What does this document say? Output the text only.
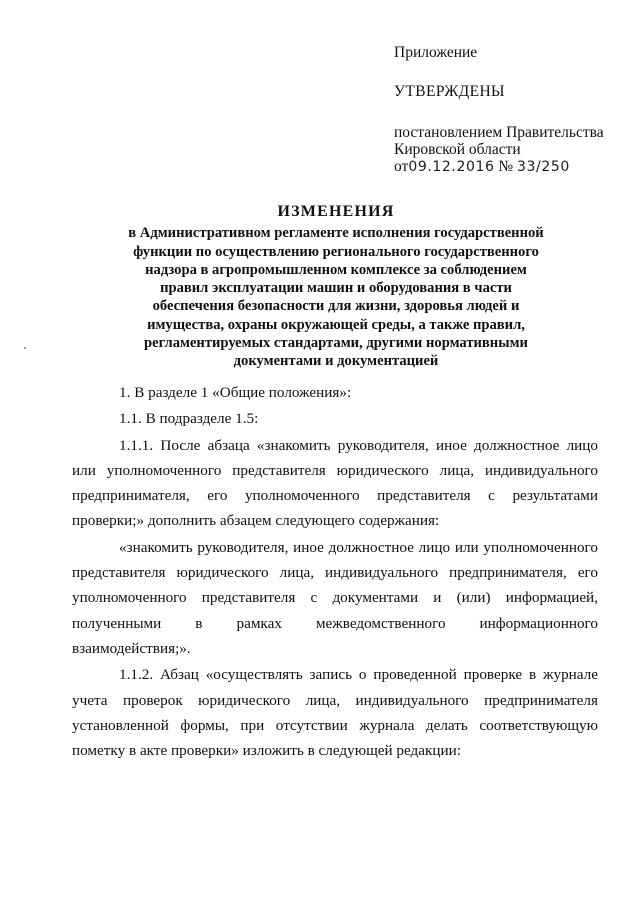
Приложение

УТВЕРЖДЕНЫ

постановлением Правительства
Кировской области
от09.12.2016 № 33/250

ИЗМЕНЕНИЯ
в Административном регламенте исполнения государственной
функции по осуществлению регионального государственного
надзора в агропромышленном комплексе за соблюдением
правил эксплуатации машин и оборудования в части
обеспечения безопасности для жизни, здоровья людей и
имущества, охраны окружающей среды, а также правил,
регламентируемых стандартами, другими нормативными
документами и документацией

1. В разделе 1 «Общие положения»:

1.1. В подразделе 1.5:

1.1.1. После абзаца «знакомить руководителя, иное должностное лицо или уполномоченного представителя юридического лица, индивидуального предпринимателя, его уполномоченного представителя с результатами проверки;» дополнить абзацем следующего содержания:

«знакомить руководителя, иное должностное лицо или уполномоченного представителя юридического лица, индивидуального предпринимателя, его уполномоченного представителя с документами и (или) информацией, полученными в рамках межведомственного информационного взаимодействия;».

1.1.2. Абзац «осуществлять запись о проведенной проверке в журнале учета проверок юридического лица, индивидуального предпринимателя установленной формы, при отсутствии журнала делать соответствующую пометку в акте проверки» изложить в следующей редакции:
